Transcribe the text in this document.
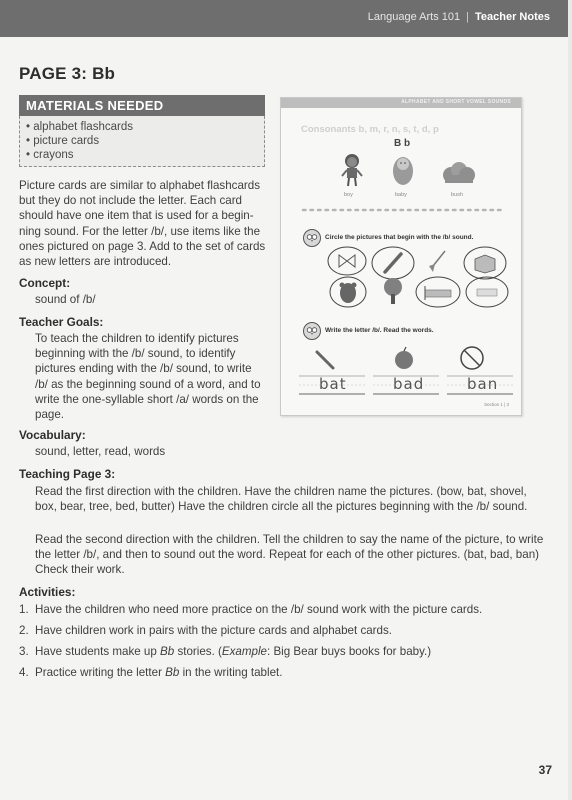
Language Arts 101 | Teacher Notes
PAGE 3: Bb
MATERIALS NEEDED
• alphabet flashcards
• picture cards
• crayons
Picture cards are similar to alphabet flashcards but they do not include the letter. Each card should have one item that is used for a begin-ning sound. For the letter /b/, use items like the ones pictured on page 3. Add to the set of cards as new letters are introduced.
Concept:
sound of /b/
Teacher Goals:
To teach the children to identify pictures beginning with the /b/ sound, to identify pictures ending with the /b/ sound, to write /b/ as the beginning sound of a word, and to write the one-syllable short /a/ words on the page.
Vocabulary:
sound, letter, read, words
Teaching Page 3:
Read the first direction with the children. Have the children name the pictures. (bow, bat, shovel, box, bear, tree, bed, butter) Have the children circle all the pictures beginning with the /b/ sound.
Read the second direction with the children. Tell the children to say the name of the picture, to write the letter /b/, and then to sound out the word. Repeat for each of the other pictures. (bat, bad, ban) Check their work.
Activities:
1. Have the children who need more practice on the /b/ sound work with the picture cards.
2. Have children work in pairs with the picture cards and alphabet cards.
3. Have students make up Bb stories. (Example: Big Bear buys books for baby.)
4. Practice writing the letter Bb in the writing tablet.
ALPHABET AND SHORT VOWEL SOUNDS
Consonants b, m, r, n, s, t, d, p
B b
boy	baby	bush
Circle the pictures that begin with the /b/ sound.
Write the letter /b/. Read the words.
bat	bad	ban
Section 1 | 3
37
